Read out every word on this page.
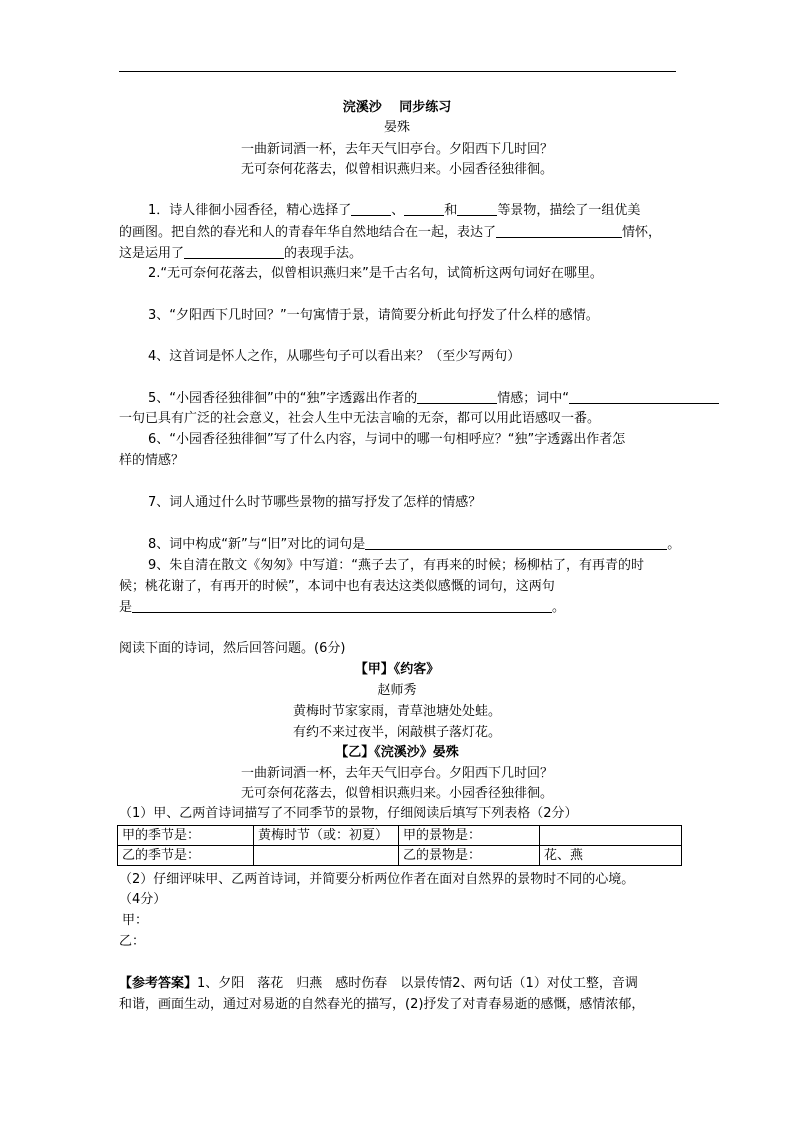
浣溪沙　 同步练习
晏殊
一曲新词酒一杯，去年天气旧亭台。夕阳西下几时回？
无可奈何花落去，似曾相识燕归来。小园香径独徘徊。
1．诗人徘徊小园香径，精心选择了	、	和	等景物，描绘了一组优美
的画图。把自然的春光和人的青春年华自然地结合在一起，表达了	情怀，
这是运用了	的表现手法。
2.“无可奈何花落去，似曾相识燕归来”是千古名句，试简析这两句词好在哪里。
3、“夕阳西下几时回？”一句寓情于景，请简要分析此句抒发了什么样的感情。
4、这首词是怀人之作，从哪些句子可以看出来？（至少写两句）
5、“小园香径独徘徊”中的“独”字透露出作者的	情感；词中“
一句已具有广泛的社会意义，社会人生中无法言喻的无奈，都可以用此语感叹一番。
6、“小园香径独徘徊”写了什么内容，与词中的哪一句相呼应？“独”字透露出作者怎
样的情感？
7、词人通过什么时节哪些景物的描写抒发了怎样的情感？
8、词中构成“新”与“旧”对比的词句是	。
9、朱自清在散文《匆匆》中写道：“燕子去了，有再来的时候；杨柳枯了，有再青的时
候；桃花谢了，有再开的时候”，本词中也有表达这类似感慨的词句，这两句
是	。
阅读下面的诗词，然后回答问题。(6分)
【甲】《约客》
赵师秀
黄梅时节家家雨，青草池塘处处蛙。
有约不来过夜半，闲敲棋子落灯花。
【乙】《浣溪沙》晏殊
一曲新词酒一杯，去年天气旧亭台。夕阳西下几时回？
无可奈何花落去，似曾相识燕归来。小园香径独徘徊。
（1）甲、乙两首诗词描写了不同季节的景物，仔细阅读后填写下列表格（2分）
甲的季节是：	黄梅时节（或：初夏）	甲的景物是：	
乙的季节是：		乙的景物是：	花、燕
（2）仔细评味甲、乙两首诗词，并简要分析两位作者在面对自然界的景物时不同的心境。
（4分）
甲：
乙：
【参考答案】1、夕阳　落花　归燕　感时伤春　以景传情2、两句话（1）对仗工整，音调
和谐，画面生动，通过对易逝的自然春光的描写，(2)抒发了对青春易逝的感慨，感情浓郁，
